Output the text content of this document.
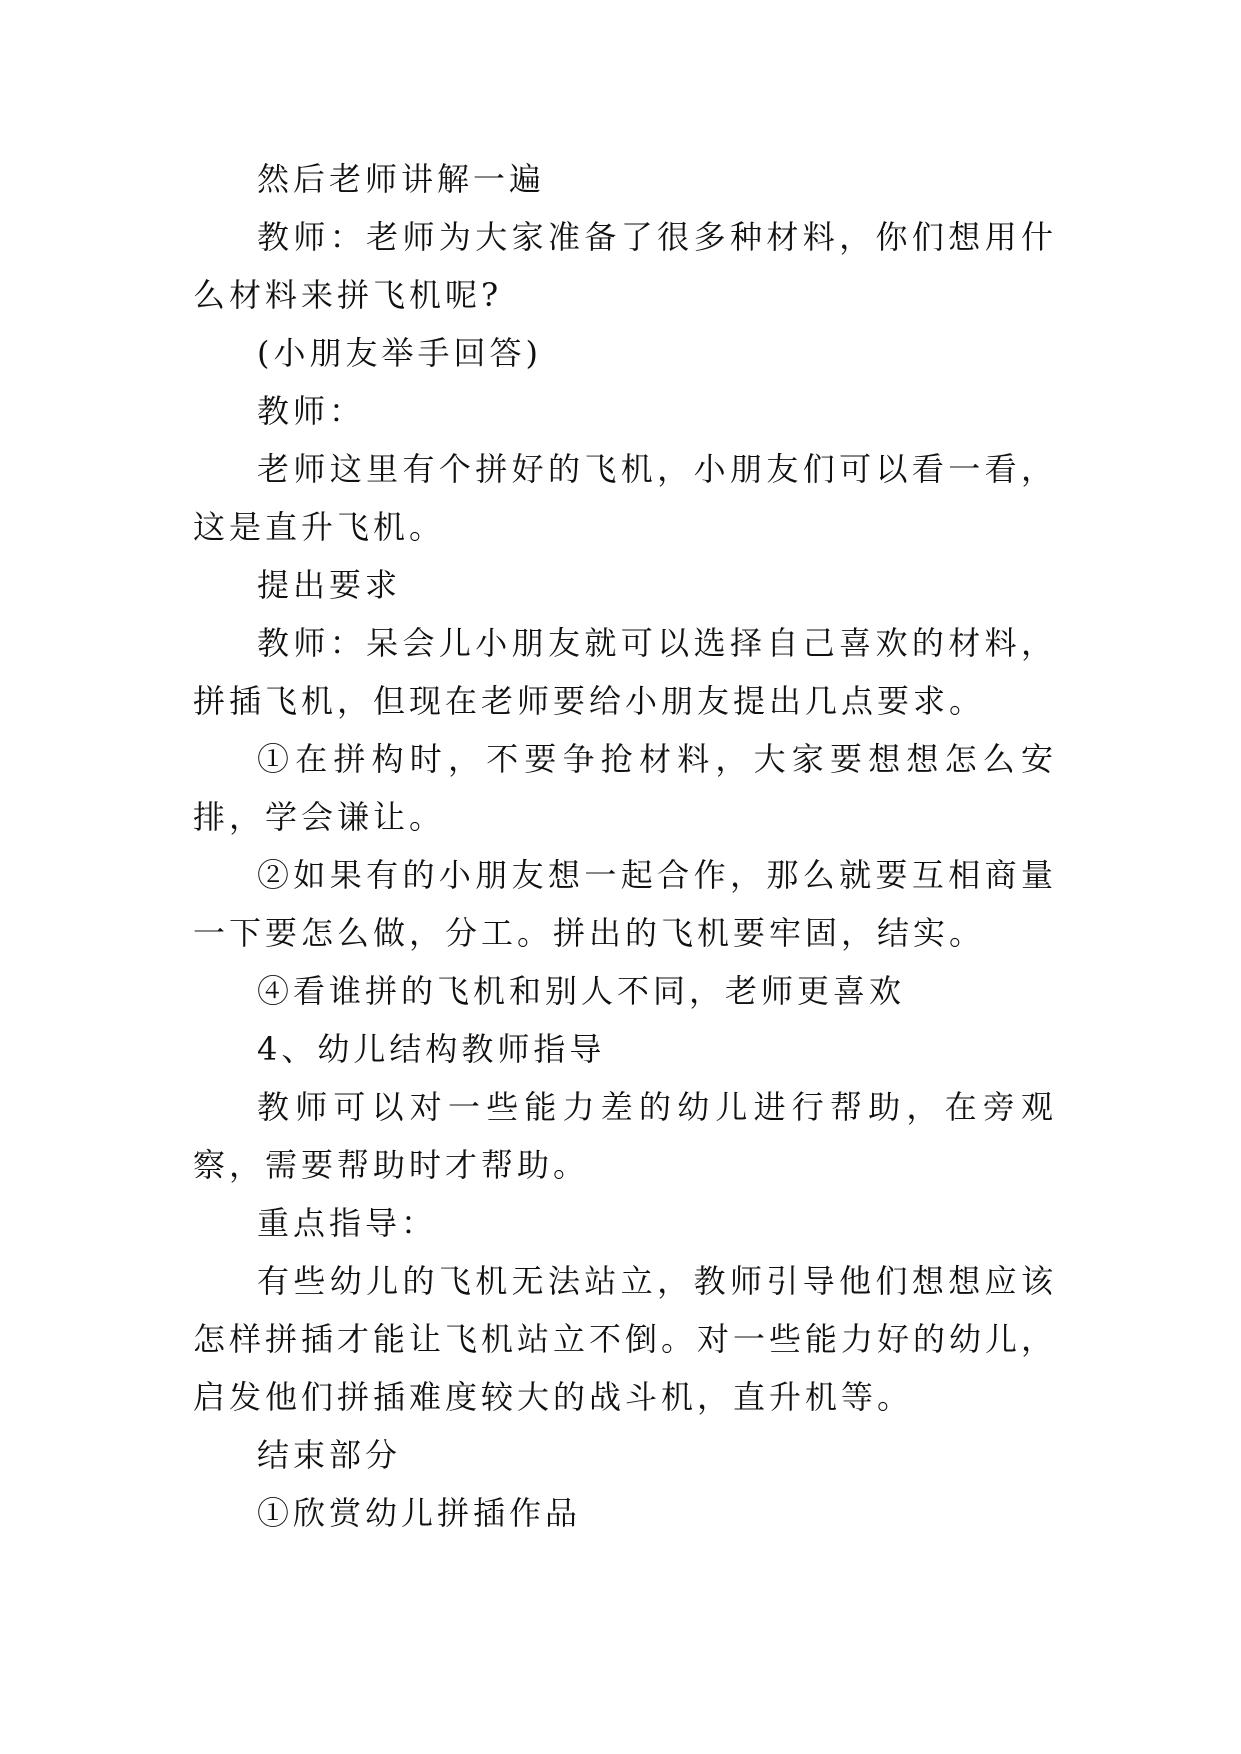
然后老师讲解一遍

教师：老师为大家准备了很多种材料，你们想用什么材料来拼飞机呢?

(小朋友举手回答)

教师：

老师这里有个拼好的飞机，小朋友们可以看一看，这是直升飞机。

提出要求

教师：呆会儿小朋友就可以选择自己喜欢的材料，拼插飞机，但现在老师要给小朋友提出几点要求。

①在拼构时，不要争抢材料，大家要想想怎么安排，学会谦让。

②如果有的小朋友想一起合作，那么就要互相商量一下要怎么做，分工。拼出的飞机要牢固，结实。

④看谁拼的飞机和别人不同，老师更喜欢

4、幼儿结构教师指导

教师可以对一些能力差的幼儿进行帮助，在旁观察，需要帮助时才帮助。

重点指导：

有些幼儿的飞机无法站立，教师引导他们想想应该怎样拼插才能让飞机站立不倒。对一些能力好的幼儿，启发他们拼插难度较大的战斗机，直升机等。

结束部分

①欣赏幼儿拼插作品
